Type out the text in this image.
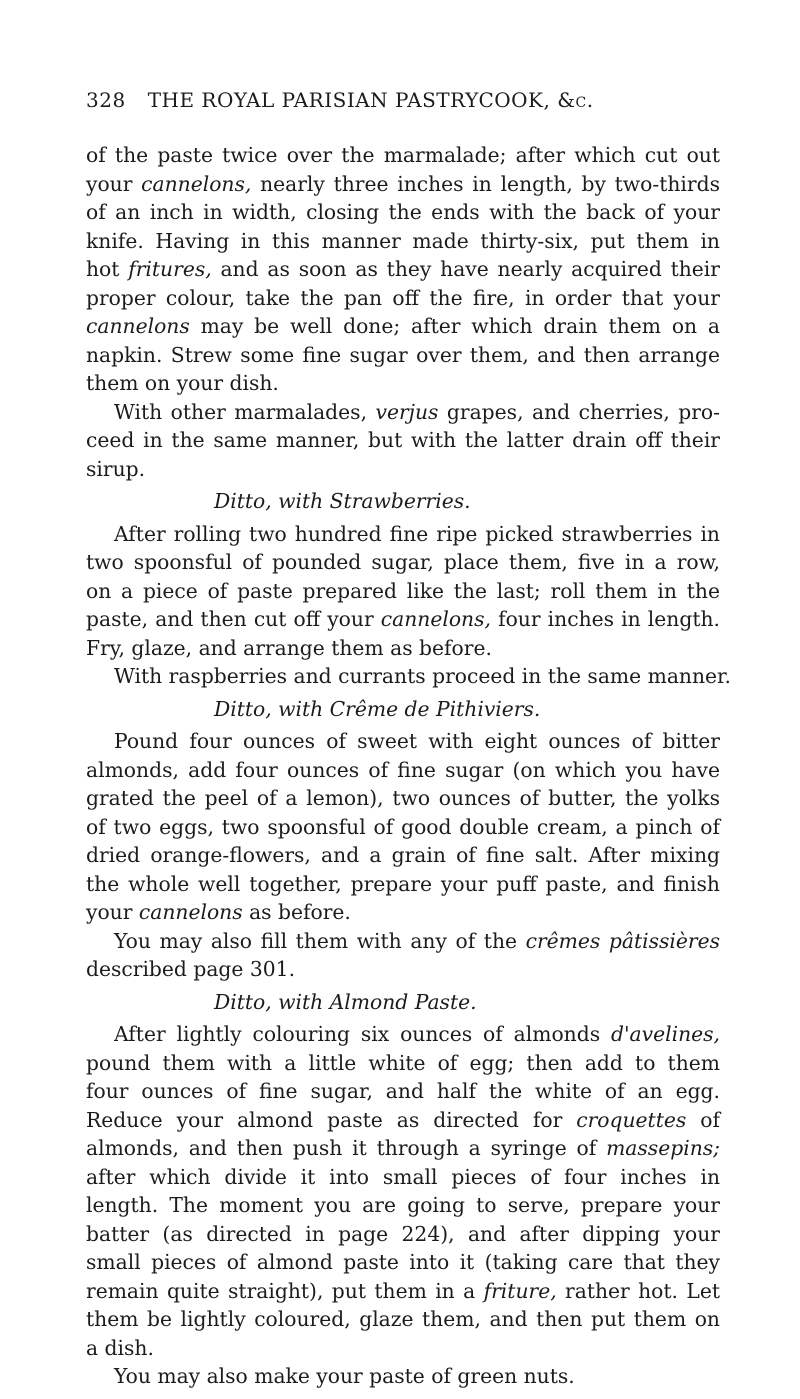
328 THE ROYAL PARISIAN PASTRYCOOK, &c.
of the paste twice over the marmalade; after which cut out
your cannelons, nearly three inches in length, by two-thirds
of an inch in width, closing the ends with the back of your
knife. Having in this manner made thirty-six, put them in
hot fritures, and as soon as they have nearly acquired their
proper colour, take the pan off the fire, in order that your
cannelons may be well done; after which drain them on a
napkin. Strew some fine sugar over them, and then arrange
them on your dish.
With other marmalades, verjus grapes, and cherries, pro-
ceed in the same manner, but with the latter drain off their
sirup.
Ditto, with Strawberries.
After rolling two hundred fine ripe picked strawberries in
two spoonsful of pounded sugar, place them, five in a row,
on a piece of paste prepared like the last; roll them in the
paste, and then cut off your cannelons, four inches in length.
Fry, glaze, and arrange them as before.
With raspberries and currants proceed in the same manner.
Ditto, with Crême de Pithiviers.
Pound four ounces of sweet with eight ounces of bitter
almonds, add four ounces of fine sugar (on which you have
grated the peel of a lemon), two ounces of butter, the yolks
of two eggs, two spoonsful of good double cream, a pinch of
dried orange-flowers, and a grain of fine salt. After mixing
the whole well together, prepare your puff paste, and finish
your cannelons as before.
You may also fill them with any of the crêmes pâtissières
described page 301.
Ditto, with Almond Paste.
After lightly colouring six ounces of almonds d'avelines,
pound them with a little white of egg; then add to them
four ounces of fine sugar, and half the white of an egg.
Reduce your almond paste as directed for croquettes of
almonds, and then push it through a syringe of massepins;
after which divide it into small pieces of four inches in
length. The moment you are going to serve, prepare your
batter (as directed in page 224), and after dipping your
small pieces of almond paste into it (taking care that they
remain quite straight), put them in a friture, rather hot. Let
them be lightly coloured, glaze them, and then put them on
a dish.
You may also make your paste of green nuts.
